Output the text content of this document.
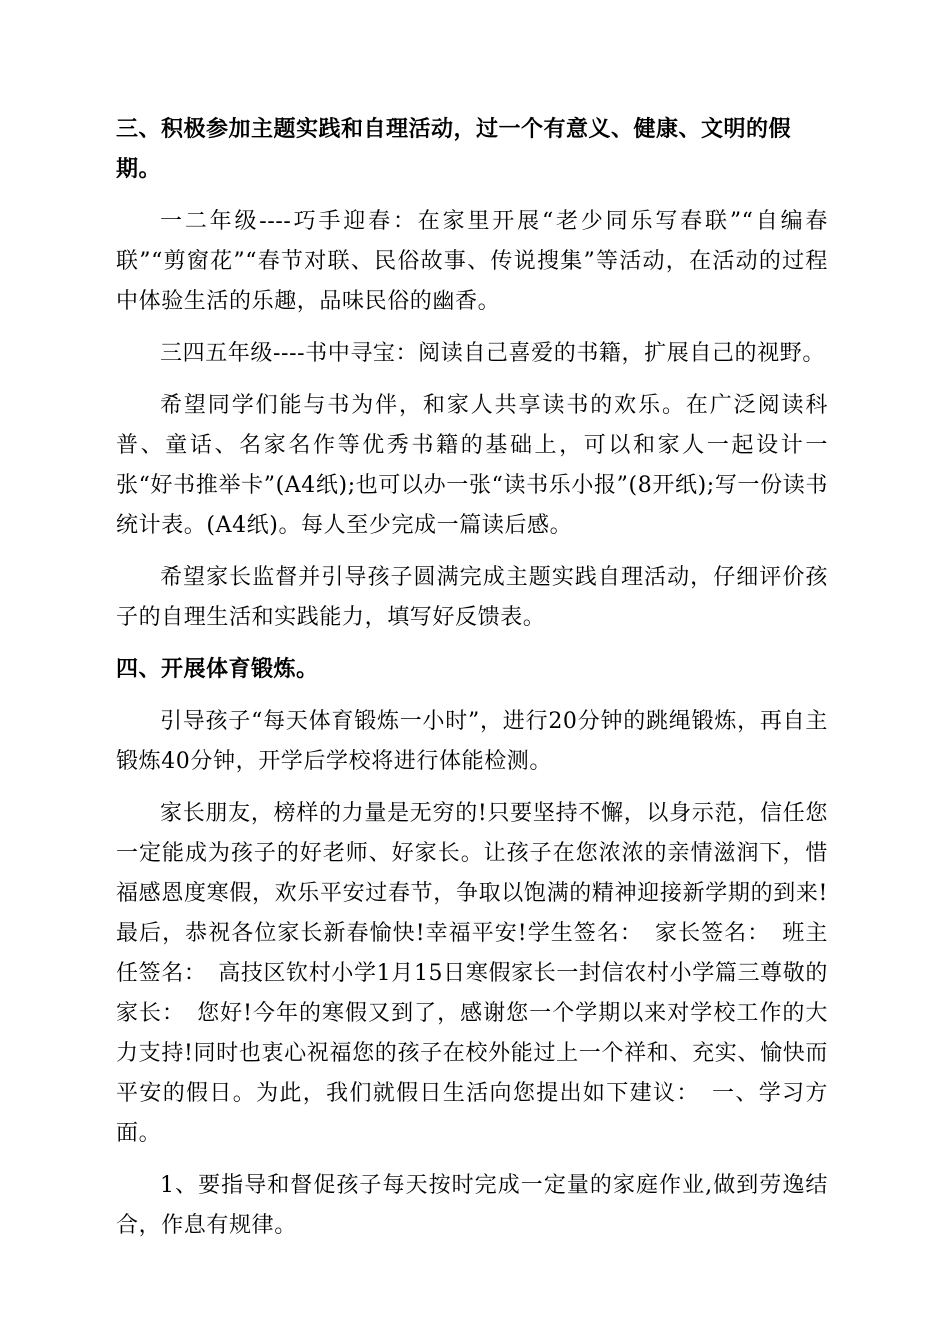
三、积极参加主题实践和自理活动，过一个有意义、健康、文明的假期。

一二年级----巧手迎春：在家里开展“老少同乐写春联”“自编春联”“剪窗花”“春节对联、民俗故事、传说搜集”等活动，在活动的过程中体验生活的乐趣，品味民俗的幽香。

三四五年级----书中寻宝：阅读自己喜爱的书籍，扩展自己的视野。

希望同学们能与书为伴，和家人共享读书的欢乐。在广泛阅读科普、童话、名家名作等优秀书籍的基础上，可以和家人一起设计一张“好书推举卡”(A4纸);也可以办一张“读书乐小报”(8开纸);写一份读书统计表。(A4纸)。每人至少完成一篇读后感。

希望家长监督并引导孩子圆满完成主题实践自理活动，仔细评价孩子的自理生活和实践能力，填写好反馈表。

四、开展体育锻炼。

引导孩子“每天体育锻炼一小时”，进行20分钟的跳绳锻炼，再自主锻炼40分钟，开学后学校将进行体能检测。

家长朋友，榜样的力量是无穷的!只要坚持不懈，以身示范，信任您一定能成为孩子的好老师、好家长。让孩子在您浓浓的亲情滋润下，惜福感恩度寒假，欢乐平安过春节，争取以饱满的精神迎接新学期的到来!最后，恭祝各位家长新春愉快!幸福平安!学生签名：　家长签名：　班主任签名：　高技区钦村小学1月15日寒假家长一封信农村小学篇三尊敬的家长：　您好!今年的寒假又到了，感谢您一个学期以来对学校工作的大力支持!同时也衷心祝福您的孩子在校外能过上一个祥和、充实、愉快而平安的假日。为此，我们就假日生活向您提出如下建议：　一、学习方面。

1、要指导和督促孩子每天按时完成一定量的家庭作业,做到劳逸结合，作息有规律。
